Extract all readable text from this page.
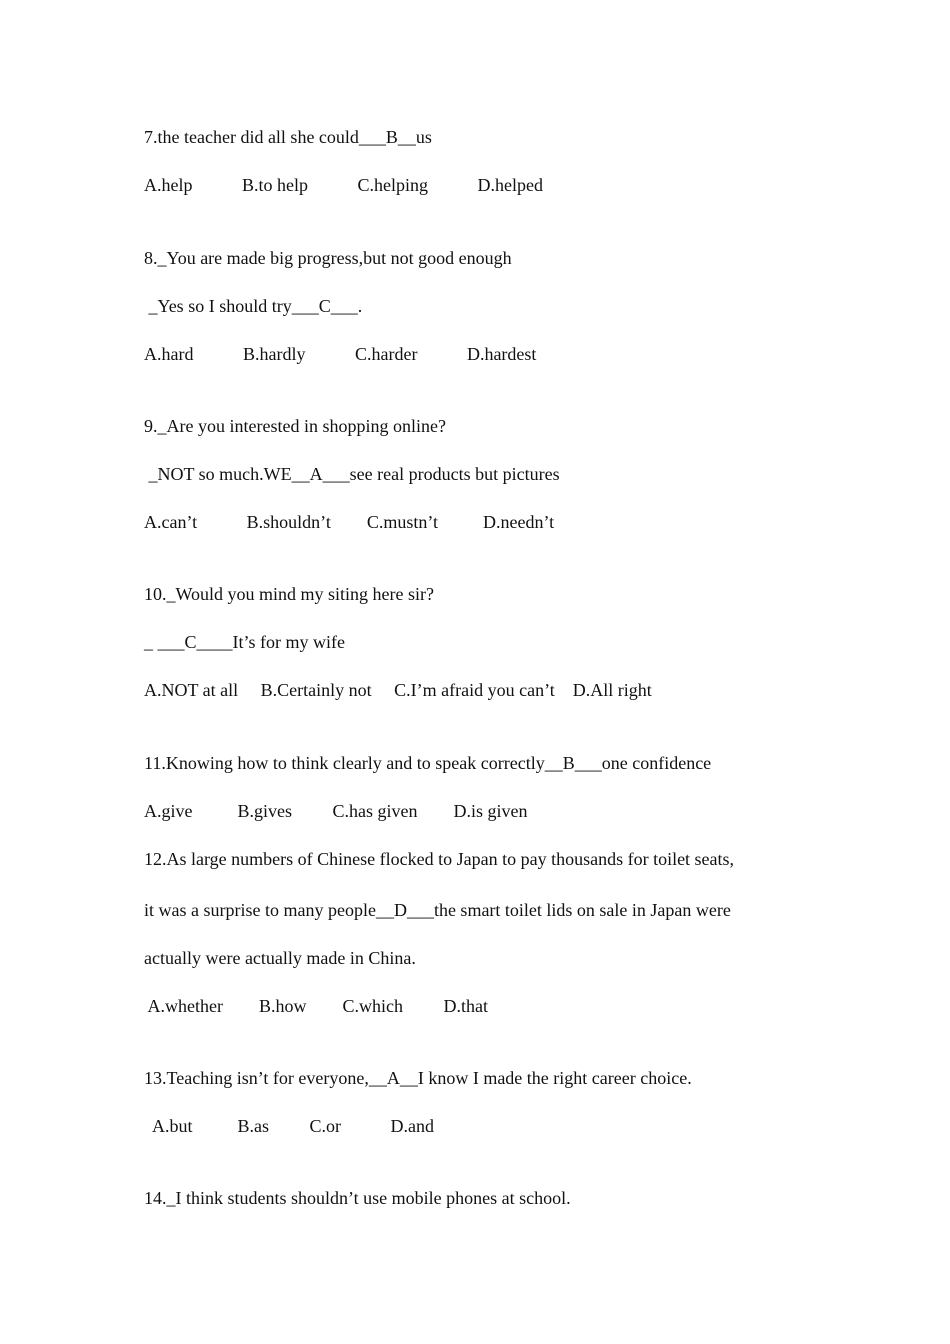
7.the teacher did all she could___B__us
A.help           B.to help           C.helping           D.helped
8._You are made big progress,but not good enough
_Yes so I should try___C___.
A.hard           B.hardly           C.harder           D.hardest
9._Are you interested in shopping online?
_NOT so much.WE__A___see real products but pictures
A.can’t           B.shouldn’t        C.mustn’t          D.needn’t
10._Would you mind my siting here sir?
_ ___C____It’s for my wife
A.NOT at all     B.Certainly not     C.I’m afraid you can’t    D.All right
11.Knowing how to think clearly and to speak correctly__B___one confidence
A.give          B.gives         C.has given        D.is given
12.As large numbers of Chinese flocked to Japan to pay thousands for toilet seats,
it was a surprise to many people__D___the smart toilet lids on sale in Japan were
actually were actually made in China.
A.whether        B.how        C.which         D.that
13.Teaching isn’t for everyone,__A__I know I made the right career choice.
A.but          B.as         C.or           D.and
14._I think students shouldn’t use mobile phones at school.
